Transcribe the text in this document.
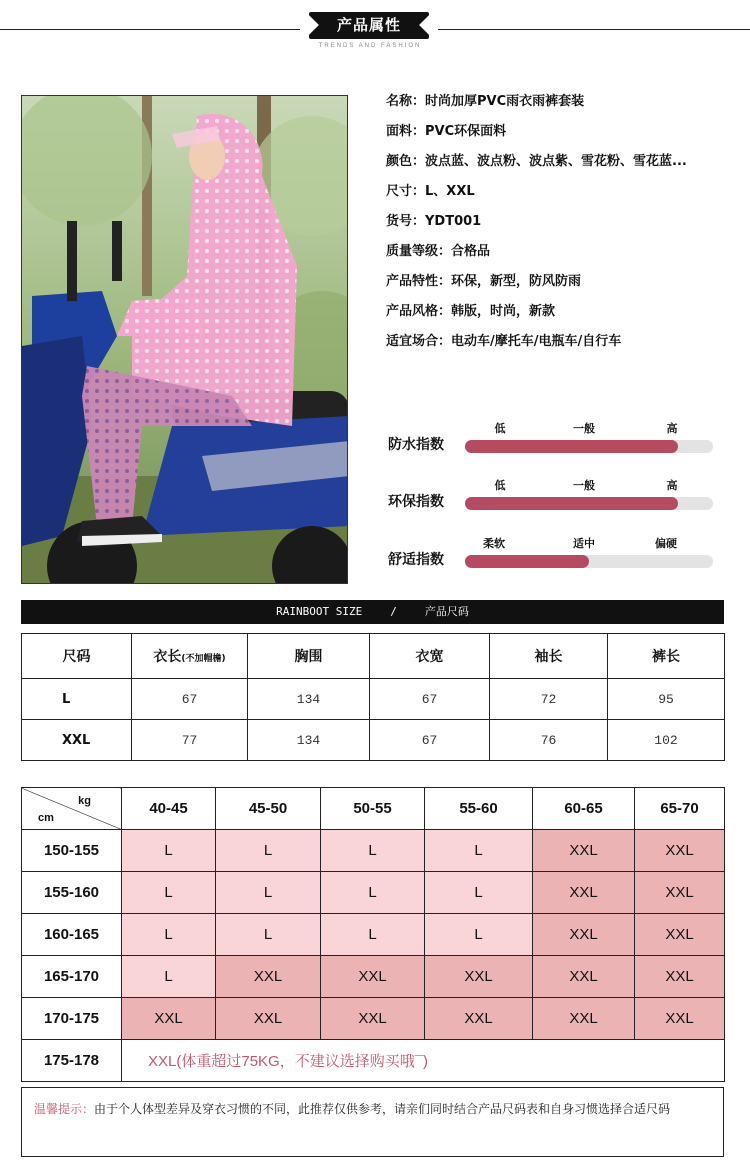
产品属性
TRENDS AND FASHION
名称：时尚加厚PVC雨衣雨裤套装
面料：PVC环保面料
颜色：波点蓝、波点粉、波点紫、雪花粉、雪花蓝...
尺寸：L、XXL
货号：YDT001
质量等级：合格品
产品特性：环保，新型，防风防雨
产品风格：韩版，时尚，新款
适宜场合：电动车/摩托车/电瓶车/自行车
防水指数
低	一般	高
环保指数
低	一般	高
舒适指数
柔软	适中	偏硬
RAINBOOT SIZE	/	产品尺码
尺码	衣长(不加帽檐)	胸围	衣宽	袖长	裤长
L	67	134	67	72	95
XXL	77	134	67	76	102
kg
cm	40-45	45-50	50-55	55-60	60-65	65-70
150-155	L	L	L	L	XXL	XXL
155-160	L	L	L	L	XXL	XXL
160-165	L	L	L	L	XXL	XXL
165-170	L	XXL	XXL	XXL	XXL	XXL
170-175	XXL	XXL	XXL	XXL	XXL	XXL
175-178	XXL(体重超过75KG，不建议选择购买哦¯)					
温馨提示：由于个人体型差异及穿衣习惯的不同，此推荐仅供参考，请亲们同时结合产品尺码表和自身习惯选择合适尺码
